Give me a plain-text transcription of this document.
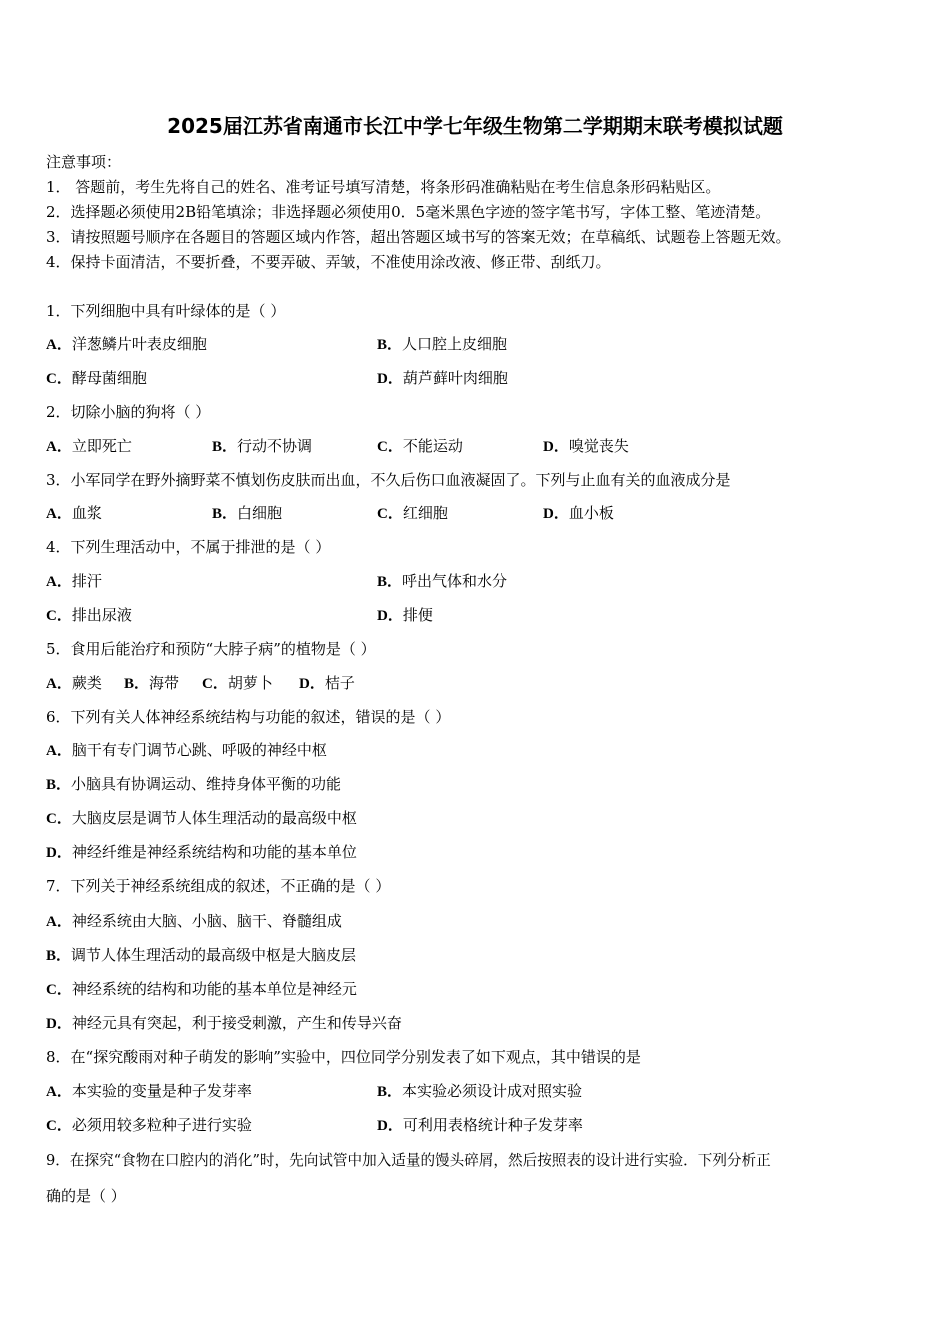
2025届江苏省南通市长江中学七年级生物第二学期期末联考模拟试题
注意事项：
1． 答题前，考生先将自己的姓名、准考证号填写清楚，将条形码准确粘贴在考生信息条形码粘贴区。
2．选择题必须使用2B铅笔填涂；非选择题必须使用0．5毫米黑色字迹的签字笔书写，字体工整、笔迹清楚。
3．请按照题号顺序在各题目的答题区域内作答，超出答题区域书写的答案无效；在草稿纸、试题卷上答题无效。
4．保持卡面清洁，不要折叠，不要弄破、弄皱，不准使用涂改液、修正带、刮纸刀。
1．下列细胞中具有叶绿体的是（ ）
A．洋葱鳞片叶表皮细胞	B．人口腔上皮细胞
C．酵母菌细胞	D．葫芦藓叶肉细胞
2．切除小脑的狗将（ ）
A．立即死亡	B．行动不协调	C．不能运动	D．嗅觉丧失
3．小军同学在野外摘野菜不慎划伤皮肤而出血，不久后伤口血液凝固了。下列与止血有关的血液成分是
A．血浆	B．白细胞	C．红细胞	D．血小板
4．下列生理活动中，不属于排泄的是（ ）
A．排汗	B．呼出气体和水分
C．排出尿液	D．排便
5．食用后能治疗和预防“大脖子病”的植物是（ ）
A．蕨类 B．海带 C．胡萝卜 D．桔子
6．下列有关人体神经系统结构与功能的叙述，错误的是（ ）
A．脑干有专门调节心跳、呼吸的神经中枢
B．小脑具有协调运动、维持身体平衡的功能
C．大脑皮层是调节人体生理活动的最高级中枢
D．神经纤维是神经系统结构和功能的基本单位
7．下列关于神经系统组成的叙述，不正确的是（ ）
A．神经系统由大脑、小脑、脑干、脊髓组成
B．调节人体生理活动的最高级中枢是大脑皮层
C．神经系统的结构和功能的基本单位是神经元
D．神经元具有突起，利于接受刺激，产生和传导兴奋
8．在“探究酸雨对种子萌发的影响”实验中，四位同学分别发表了如下观点，其中错误的是
A．本实验的变量是种子发芽率	B．本实验必须设计成对照实验
C．必须用较多粒种子进行实验	D．可利用表格统计种子发芽率
9．在探究“食物在口腔内的消化”时，先向试管中加入适量的馒头碎屑，然后按照表的设计进行实验．下列分析正
确的是（ ）
